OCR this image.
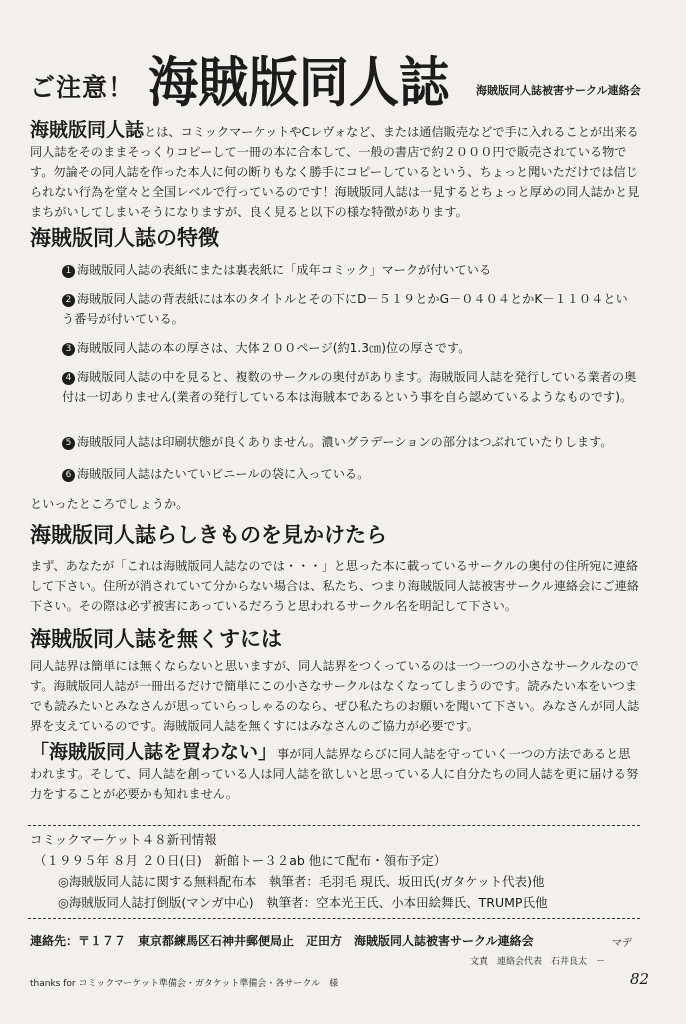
ご注意！ 海賊版同人誌 海賊版同人誌被害サークル連絡会
海賊版同人誌とは、コミックマーケットやCレヴォなど、または通信販売などで手に入れることが出来る同人誌をそのままそっくりコピーして一冊の本に合本して、一般の書店で約２０００円で販売されている物です。勿論その同人誌を作った本人に何の断りもなく勝手にコピーしているという、ちょっと聞いただけでは信じられない行為を堂々と全国レベルで行っているのです！海賊版同人誌は一見するとちょっと厚めの同人誌かと見まちがいしてしまいそうになりますが、良く見ると以下の様な特徴があります。
海賊版同人誌の特徴
1 海賊版同人誌の表紙にまたは裏表紙に「成年コミック」マークが付いている
2 海賊版同人誌の背表紙には本のタイトルとその下にD－５１９とかG－０４０４とかK－１１０４という番号が付いている。
3 海賊版同人誌の本の厚さは、大体２００ページ(約1.3㎝)位の厚さです。
4 海賊版同人誌の中を見ると、複数のサークルの奥付があります。海賊版同人誌を発行している業者の奥付は一切ありません(業者の発行している本は海賊本であるという事を自ら認めているようなものです)。
5 海賊版同人誌は印刷状態が良くありません。濃いグラデーションの部分はつぶれていたりします。
6 海賊版同人誌はたいていビニールの袋に入っている。
といったところでしょうか。
海賊版同人誌らしきものを見かけたら
まず、あなたが「これは海賊版同人誌なのでは・・・」と思った本に載っているサークルの奥付の住所宛に連絡して下さい。住所が消されていて分からない場合は、私たち、つまり海賊版同人誌被害サークル連絡会にご連絡下さい。その際は必ず被害にあっているだろうと思われるサークル名を明記して下さい。
海賊版同人誌を無くすには
同人誌界は簡単には無くならないと思いますが、同人誌界をつくっているのは一つ一つの小さなサークルなのです。海賊版同人誌が一冊出るだけで簡単にこの小さなサークルはなくなってしまうのです。読みたい本をいつまでも読みたいとみなさんが思っていらっしゃるのなら、ぜひ私たちのお願いを聞いて下さい。みなさんが同人誌界を支えているのです。海賊版同人誌を無くすにはみなさんのご協力が必要です。
「海賊版同人誌を買わない」事が同人誌界ならびに同人誌を守っていく一つの方法であると思われます。そして、同人誌を創っている人は同人誌を欲しいと思っている人に自分たちの同人誌を更に届ける努力をすることが必要かも知れません。
コミックマーケット４８新刊情報
（１９９５年 ８月 ２０日(日)　新館トー３２ab 他にて配布・領布予定）
◎海賊版同人誌に関する無料配布本　執筆者：毛羽毛 現氏、坂田氏(ガタケット代表)他
◎海賊版同人誌打倒版(マンガ中心)　執筆者：空本光王氏、小本田絵舞氏、TRUMP氏他
連絡先：〒１７７　東京都練馬区石神井郵便局止　疋田方　海賊版同人誌被害サークル連絡会	マデ
文責　連絡会代表　石井良太　－
thanks for コミックマーケット準備会・ガタケット準備会・各サークル　様	82
